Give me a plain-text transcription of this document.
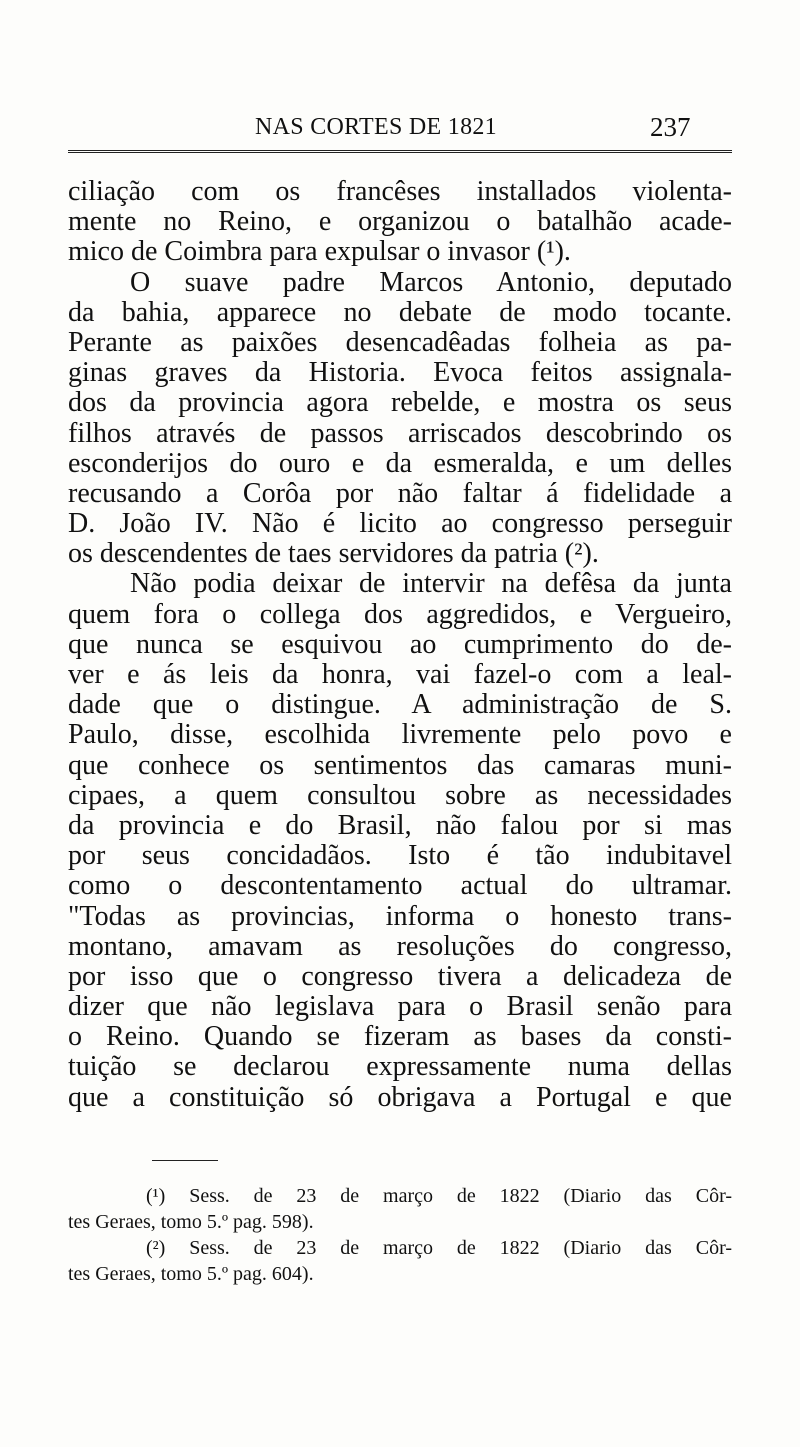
NAS CORTES DE 1821	237
ciliação com os francêses installados violenta-
mente no Reino, e organizou o batalhão acade-
mico de Coimbra para expulsar o invasor (¹).
O suave padre Marcos Antonio, deputado
da bahia, apparece no debate de modo tocante.
Perante as paixões desencadêadas folheia as pa-
ginas graves da Historia. Evoca feitos assignala-
dos da provincia agora rebelde, e mostra os seus
filhos através de passos arriscados descobrindo os
esconderijos do ouro e da esmeralda, e um delles
recusando a Corôa por não faltar á fidelidade a
D. João IV. Não é licito ao congresso perseguir
os descendentes de taes servidores da patria (²).
Não podia deixar de intervir na defêsa da junta
quem fora o collega dos aggredidos, e Vergueiro,
que nunca se esquivou ao cumprimento do de-
ver e ás leis da honra, vai fazel-o com a leal-
dade que o distingue. A administração de S.
Paulo, disse, escolhida livremente pelo povo e
que conhece os sentimentos das camaras muni-
cipaes, a quem consultou sobre as necessidades
da provincia e do Brasil, não falou por si mas
por seus concidadãos. Isto é tão indubitavel
como o descontentamento actual do ultramar.
"Todas as provincias, informa o honesto trans-
montano, amavam as resoluções do congresso,
por isso que o congresso tivera a delicadeza de
dizer que não legislava para o Brasil senão para
o Reino. Quando se fizeram as bases da consti-
tuição se declarou expressamente numa dellas
que a constituição só obrigava a Portugal e que
(¹) Sess. de 23 de março de 1822 (Diario das Côr-
tes Geraes, tomo 5.º pag. 598).
(²) Sess. de 23 de março de 1822 (Diario das Côr-
tes Geraes, tomo 5.º pag. 604).
